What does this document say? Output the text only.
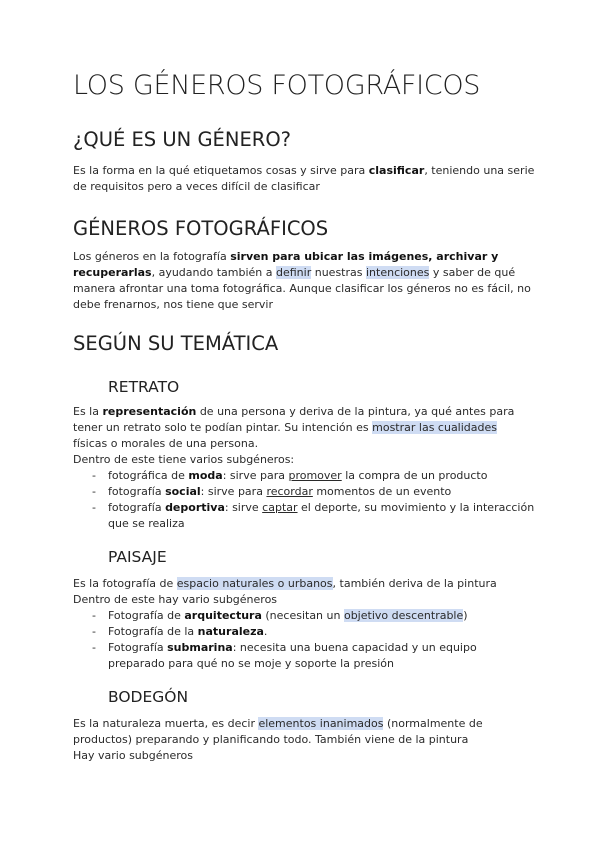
LOS GÉNEROS FOTOGRÁFICOS
¿QUÉ ES UN GÉNERO?
Es la forma en la qué etiquetamos cosas y sirve para clasificar, teniendo una serie
de requisitos pero a veces difícil de clasificar
GÉNEROS FOTOGRÁFICOS
Los géneros en la fotografía sirven para ubicar las imágenes, archivar y
recuperarlas, ayudando también a definir nuestras intenciones y saber de qué
manera afrontar una toma fotográfica. Aunque clasificar los géneros no es fácil, no
debe frenarnos, nos tiene que servir
SEGÚN SU TEMÁTICA
RETRATO
Es la representación de una persona y deriva de la pintura, ya qué antes para
tener un retrato solo te podían pintar. Su intención es mostrar las cualidades
físicas o morales de una persona.
Dentro de este tiene varios subgéneros:
- fotográfica de moda: sirve para promover la compra de un producto
- fotografía social: sirve para recordar momentos de un evento
- fotografía deportiva: sirve captar el deporte, su movimiento y la interacción
que se realiza
PAISAJE
Es la fotografía de espacio naturales o urbanos, también deriva de la pintura
Dentro de este hay vario subgéneros
- Fotografía de arquitectura (necesitan un objetivo descentrable)
- Fotografía de la naturaleza.
- Fotografía submarina: necesita una buena capacidad y un equipo
preparado para qué no se moje y soporte la presión
BODEGÓN
Es la naturaleza muerta, es decir elementos inanimados (normalmente de
productos) preparando y planificando todo. También viene de la pintura
Hay vario subgéneros
